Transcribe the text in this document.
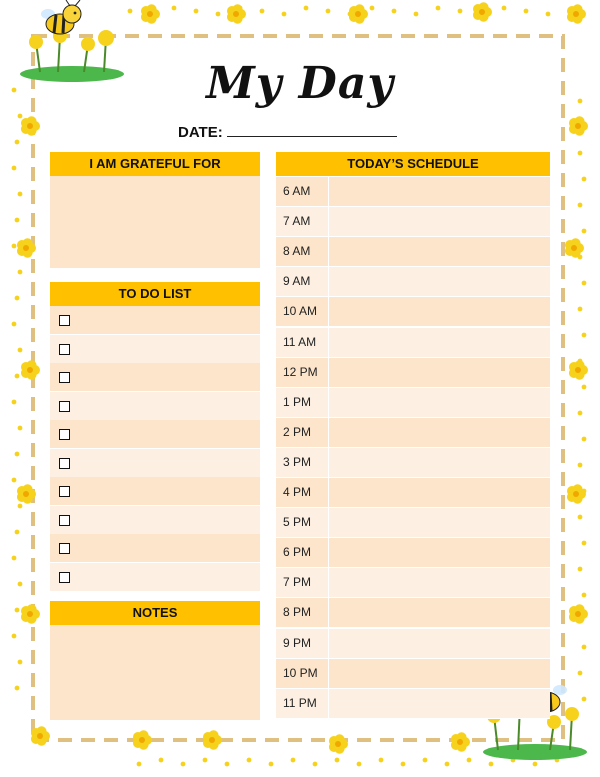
My Day
DATE:
I AM GRATEFUL FOR
TO DO LIST
NOTES
TODAY’S SCHEDULE
6 AM
7 AM
8 AM
9 AM
10 AM
11 AM
12 PM
1 PM
2 PM
3 PM
4 PM
5 PM
6 PM
7 PM
8 PM
9 PM
10 PM
11 PM
